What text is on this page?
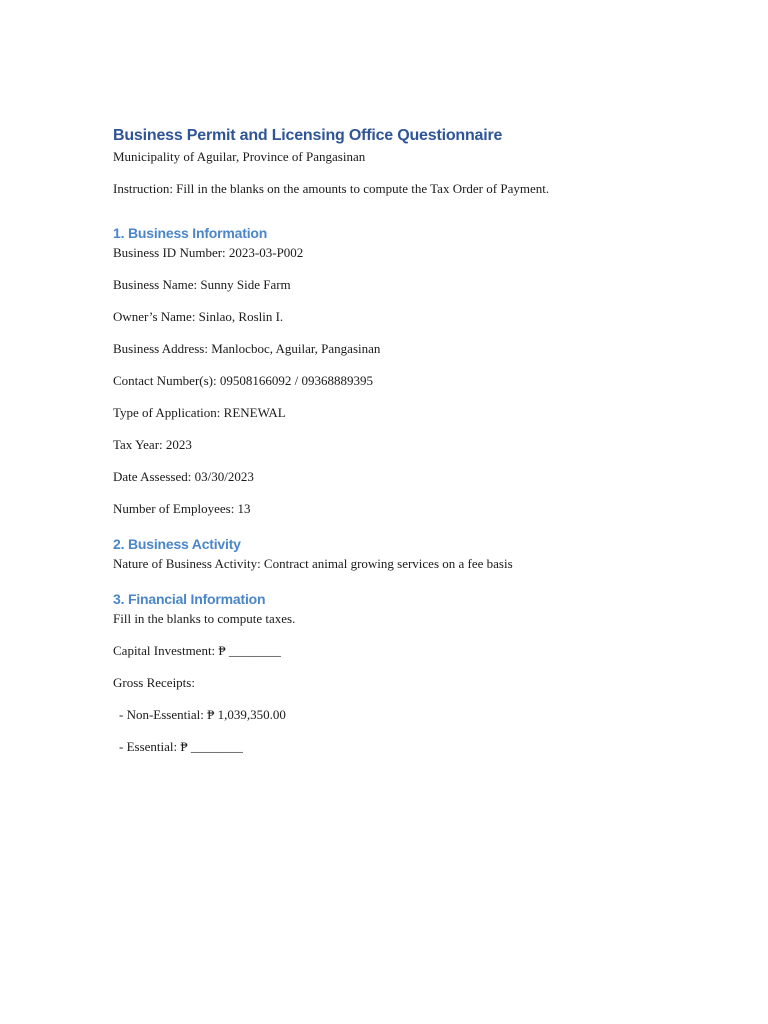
Business Permit and Licensing Office Questionnaire

Municipality of Aguilar, Province of Pangasinan

Instruction: Fill in the blanks on the amounts to compute the Tax Order of Payment.

1. Business Information

Business ID Number: 2023-03-P002

Business Name: Sunny Side Farm

Owner’s Name: Sinlao, Roslin I.

Business Address: Manlocboc, Aguilar, Pangasinan

Contact Number(s): 09508166092 / 09368889395

Type of Application: RENEWAL

Tax Year: 2023

Date Assessed: 03/30/2023

Number of Employees: 13

2. Business Activity

Nature of Business Activity: Contract animal growing services on a fee basis

3. Financial Information

Fill in the blanks to compute taxes.

Capital Investment: ₱ ________

Gross Receipts:

- Non-Essential: ₱ 1,039,350.00

- Essential: ₱ ________
